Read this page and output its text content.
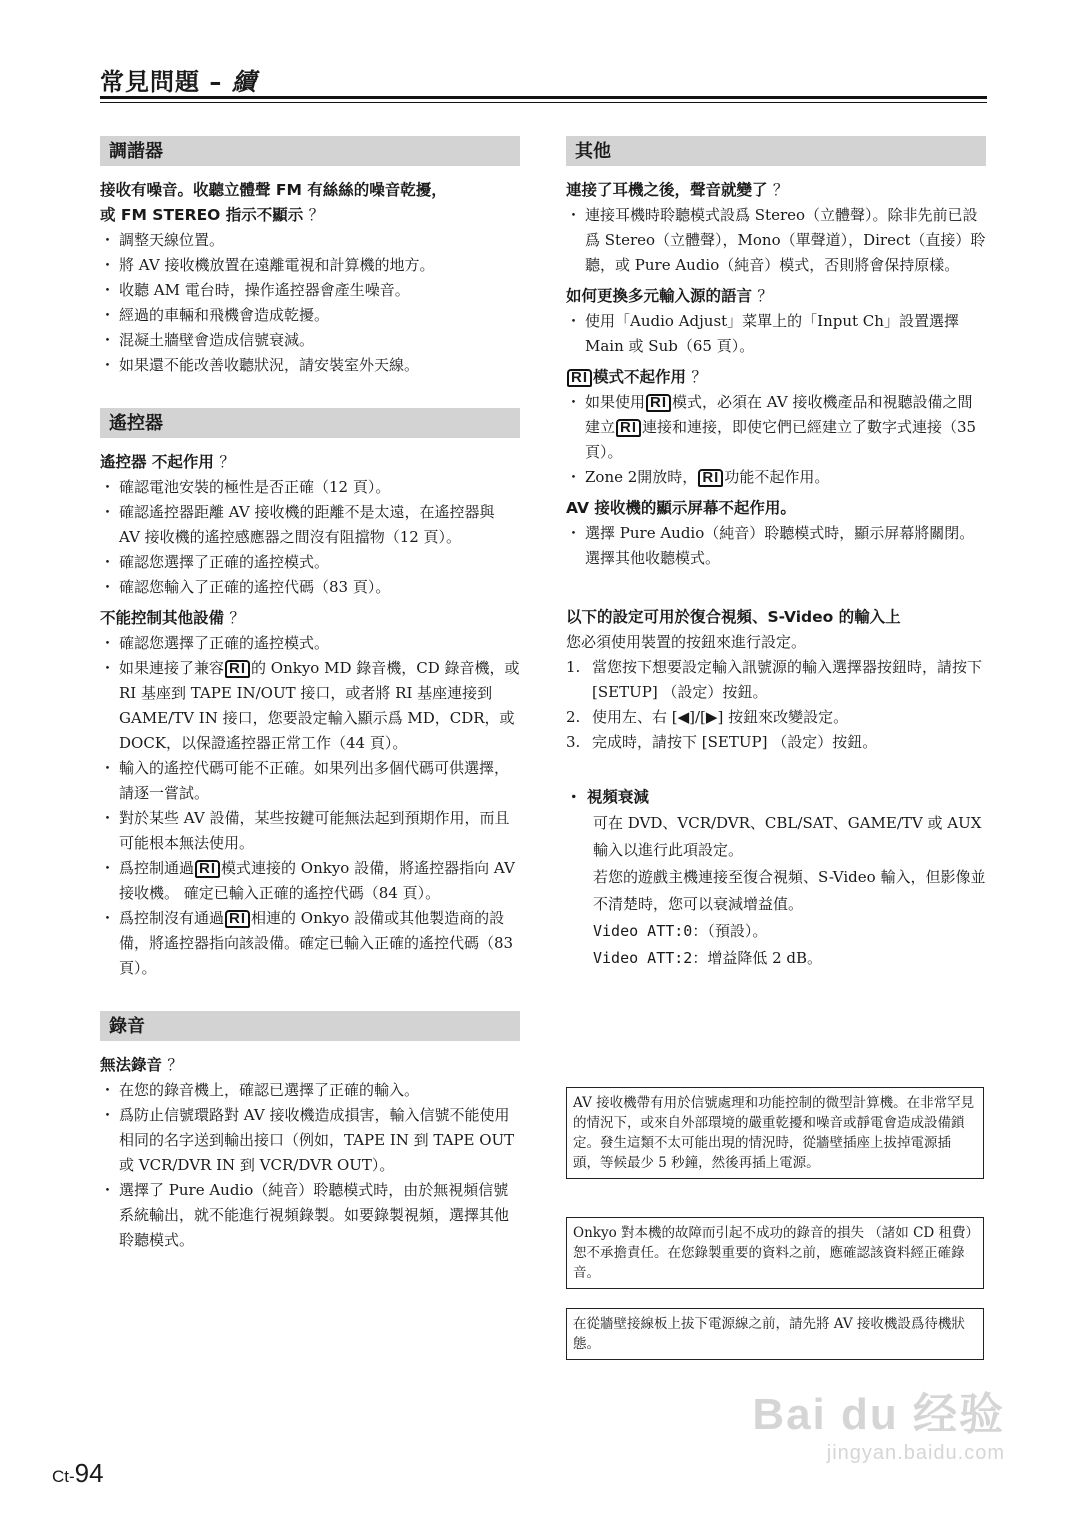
常見問題 – 續
調諧器
接收有噪音。收聽立體聲 FM 有絲絲的噪音乾擾，
或 FM STEREO 指示不顯示 ？
・ 調整天線位置。
・ 將 AV 接收機放置在遠離電視和計算機的地方。
・ 收聽 AM 電台時，操作遙控器會產生噪音。
・ 經過的車輛和飛機會造成乾擾。
・ 混凝土牆壁會造成信號衰減。
・ 如果還不能改善收聽狀況，請安裝室外天線。
遙控器
遙控器 不起作用 ？
・ 確認電池安裝的極性是否正確（12 頁）。
・ 確認遙控器距離 AV 接收機的距離不是太遠，在遙控器與 AV 接收機的遙控感應器之間沒有阻擋物（12 頁）。
・ 確認您選擇了正確的遙控模式。
・ 確認您輸入了正確的遙控代碼（83 頁）。
不能控制其他設備 ？
・ 確認您選擇了正確的遙控模式。
・ 如果連接了兼容 RI 的 Onkyo MD 錄音機，CD 錄音機，或 RI 基座到 TAPE IN/OUT 接口，或者將 RI 基座連接到 GAME/TV IN 接口，您要設定輸入顯示爲 MD，CDR，或 DOCK，以保證遙控器正常工作（44 頁）。
・ 輸入的遙控代碼可能不正確。如果列出多個代碼可供選擇，請逐一嘗試。
・ 對於某些 AV 設備，某些按鍵可能無法起到預期作用，而且可能根本無法使用。
・ 爲控制通過 RI 模式連接的 Onkyo 設備，將遙控器指向 AV 接收機。 確定已輸入正確的遙控代碼（84 頁）。
・ 爲控制沒有通過 RI 相連的 Onkyo 設備或其他製造商的設備，將遙控器指向該設備。確定已輸入正確的遙控代碼（83 頁）。
錄音
無法錄音 ？
・ 在您的錄音機上，確認已選擇了正確的輸入。
・ 爲防止信號環路對 AV 接收機造成損害，輸入信號不能使用相同的名字送到輸出接口（例如，TAPE IN 到 TAPE OUT 或 VCR/DVR IN 到 VCR/DVR OUT）。
・ 選擇了 Pure Audio（純音）聆聽模式時，由於無視頻信號系統輸出，就不能進行視頻錄製。如要錄製視頻，選擇其他聆聽模式。
其他
連接了耳機之後，聲音就變了 ？
・ 連接耳機時聆聽模式設爲 Stereo（立體聲）。除非先前已設爲 Stereo（立體聲），Mono（單聲道），Direct（直接）聆聽，或 Pure Audio（純音）模式，否則將會保持原樣。
如何更換多元輸入源的語言 ？
・ 使用「Audio Adjust」菜單上的「Input Ch」設置選擇 Main 或 Sub（65 頁）。
RI 模式不起作用 ？
・ 如果使用 RI 模式，必須在 AV 接收機產品和視聽設備之間建立 RI 連接和連接，即使它們已經建立了數字式連接（35 頁）。
・ Zone 2開放時， RI 功能不起作用。
AV 接收機的顯示屏幕不起作用。
・ 選擇 Pure Audio（純音）聆聽模式時，顯示屏幕將關閉。選擇其他收聽模式。
以下的設定可用於復合視頻、S-Video 的輸入上
您必須使用裝置的按鈕來進行設定。
1. 當您按下想要設定輸入訊號源的輸入選擇器按鈕時，請按下 [SETUP] （設定）按鈕。
2. 使用左、右 [◀]/[▶] 按鈕來改變設定。
3. 完成時，請按下 [SETUP] （設定）按鈕。
・ 視頻衰減
可在 DVD、VCR/DVR、CBL/SAT、GAME/TV 或 AUX 輸入以進行此項設定。
若您的遊戲主機連接至復合視頻、S-Video 輸入，但影像並不清楚時，您可以衰減增益值。
Video ATT:0：（預設）。
Video ATT:2：增益降低 2 dB。
AV 接收機帶有用於信號處理和功能控制的微型計算機。在非常罕見的情況下，或來自外部環境的嚴重乾擾和噪音或靜電會造成設備鎖定。發生這類不太可能出現的情況時，從牆壁插座上拔掉電源插頭，等候最少 5 秒鐘，然後再插上電源。
Onkyo 對本機的故障而引起不成功的錄音的損失 （諸如 CD 租費）恕不承擔責任。在您錄製重要的資料之前，應確認該資料經正確錄音。
在從牆壁接線板上拔下電源線之前，請先將 AV 接收機設爲待機狀態。
Ct-94
Bai du 经验
jingyan.baidu.com
